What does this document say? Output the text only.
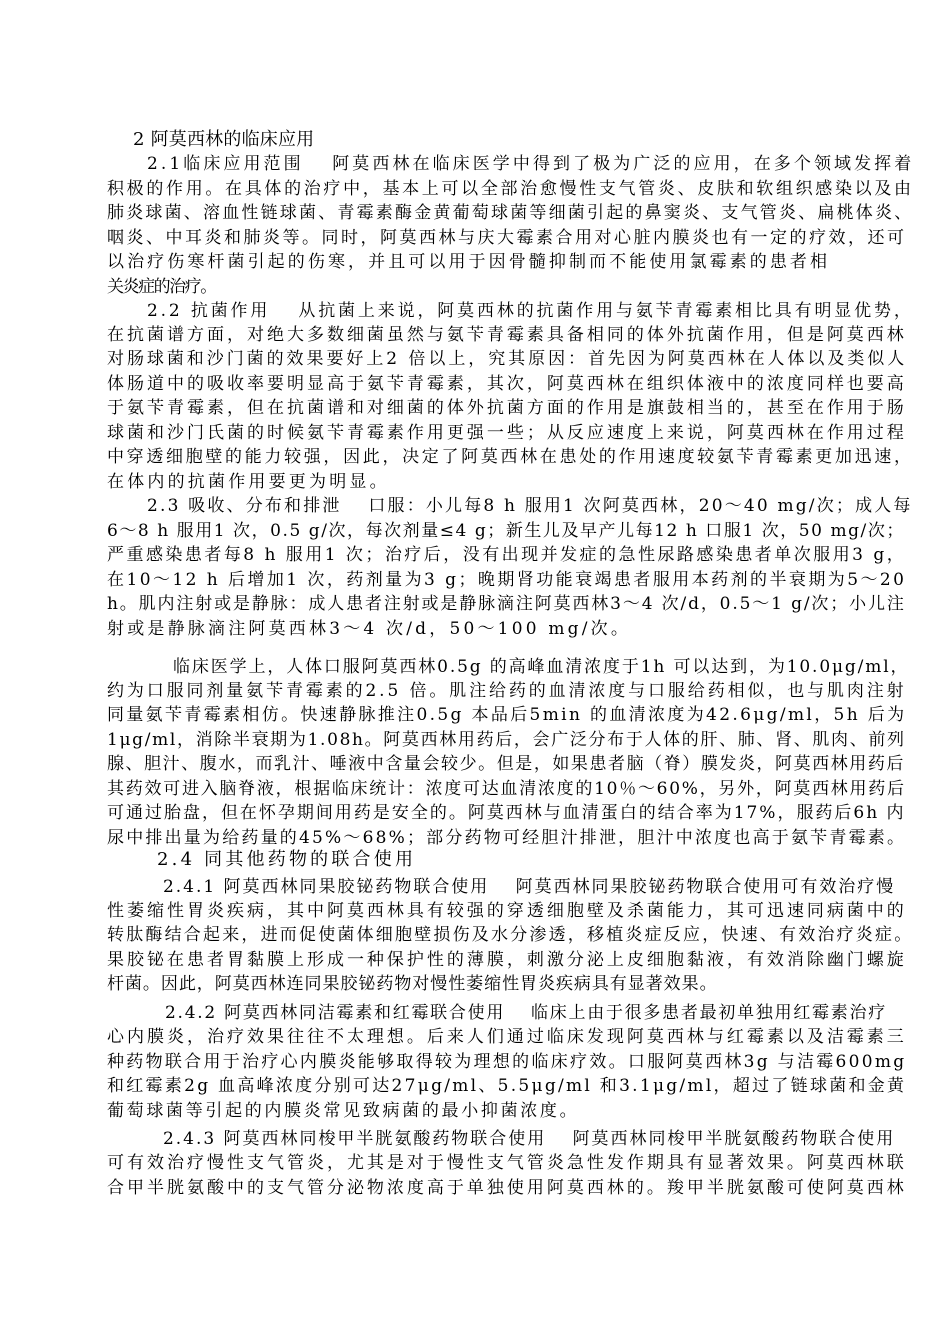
2 阿莫西林的临床应用
2.1临床应用范围　 阿莫西林在临床医学中得到了极为广泛的应用，在多个领域发挥着
积极的作用。在具体的治疗中，基本上可以全部治愈慢性支气管炎、皮肤和软组织感染以及由
肺炎球菌、溶血性链球菌、青霉素酶金黄葡萄球菌等细菌引起的鼻窦炎、支气管炎、扁桃体炎、
咽炎、中耳炎和肺炎等。同时，阿莫西林与庆大霉素合用对心脏内膜炎也有一定的疗效，还可
以治疗伤寒杆菌引起的伤寒，并且可以用于因骨髓抑制而不能使用氯霉素的患者相
关炎症的治疗。
2.2 抗菌作用　 从抗菌上来说，阿莫西林的抗菌作用与氨苄青霉素相比具有明显优势，
在抗菌谱方面，对绝大多数细菌虽然与氨苄青霉素具备相同的体外抗菌作用，但是阿莫西林
对肠球菌和沙门菌的效果要好上2 倍以上，究其原因：首先因为阿莫西林在人体以及类似人
体肠道中的吸收率要明显高于氨苄青霉素，其次，阿莫西林在组织体液中的浓度同样也要高
于氨苄青霉素，但在抗菌谱和对细菌的体外抗菌方面的作用是旗鼓相当的，甚至在作用于肠
球菌和沙门氏菌的时候氨苄青霉素作用更强一些；从反应速度上来说，阿莫西林在作用过程
中穿透细胞壁的能力较强，因此，决定了阿莫西林在患处的作用速度较氨苄青霉素更加迅速，
在体内的抗菌作用要更为明显。
2.3 吸收、分布和排泄　 口服：小儿每8 h 服用1 次阿莫西林，20～40 mg/次；成人每
6～8 h 服用1 次，0.5 g/次，每次剂量≤4 g；新生儿及早产儿每12 h 口服1 次，50 mg/次；
严重感染患者每8 h 服用1 次；治疗后，没有出现并发症的急性尿路感染患者单次服用3 g，
在10～12 h 后增加1 次，药剂量为3 g；晚期肾功能衰竭患者服用本药剂的半衰期为5～20
h。肌内注射或是静脉：成人患者注射或是静脉滴注阿莫西林3～4 次/d，0.5～1 g/次；小儿注
射或是静脉滴注阿莫西林3～4 次/d，50～100 mg/次。
临床医学上，人体口服阿莫西林0.5g 的高峰血清浓度于1h 可以达到，为10.0μg/ml，
约为口服同剂量氨苄青霉素的2.5 倍。肌注给药的血清浓度与口服给药相似，也与肌肉注射
同量氨苄青霉素相仿。快速静脉推注0.5g 本品后5min 的血清浓度为42.6μg/ml，5h 后为
1μg/ml，消除半衰期为1.08h。阿莫西林用药后，会广泛分布于人体的肝、肺、肾、肌肉、前列
腺、胆汁、腹水，而乳汁、唾液中含量会较少。但是，如果患者脑（脊）膜发炎，阿莫西林用药后
其药效可进入脑脊液，根据临床统计：浓度可达血清浓度的10％～60%，另外，阿莫西林用药后
可通过胎盘，但在怀孕期间用药是安全的。阿莫西林与血清蛋白的结合率为17%，服药后6h 内
尿中排出量为给药量的45%～68%；部分药物可经胆汁排泄，胆汁中浓度也高于氨苄青霉素。
2.4 同其他药物的联合使用
2.4.1 阿莫西林同果胶铋药物联合使用　 阿莫西林同果胶铋药物联合使用可有效治疗慢
性萎缩性胃炎疾病，其中阿莫西林具有较强的穿透细胞壁及杀菌能力，其可迅速同病菌中的
转肽酶结合起来，进而促使菌体细胞壁损伤及水分渗透，移植炎症反应，快速、有效治疗炎症。
果胶铋在患者胃黏膜上形成一种保护性的薄膜，刺激分泌上皮细胞黏液，有效消除幽门螺旋
杆菌。因此，阿莫西林连同果胶铋药物对慢性萎缩性胃炎疾病具有显著效果。
2.4.2 阿莫西林同洁霉素和红霉联合使用　 临床上由于很多患者最初单独用红霉素治疗
心内膜炎，治疗效果往往不太理想。后来人们通过临床发现阿莫西林与红霉素以及洁霉素三
种药物联合用于治疗心内膜炎能够取得较为理想的临床疗效。口服阿莫西林3g 与洁霉600mg
和红霉素2g 血高峰浓度分别可达27μg/ml、5.5μg/ml 和3.1μg/ml，超过了链球菌和金黄
葡萄球菌等引起的内膜炎常见致病菌的最小抑菌浓度。
2.4.3 阿莫西林同梭甲半胱氨酸药物联合使用　 阿莫西林同梭甲半胱氨酸药物联合使用
可有效治疗慢性支气管炎，尤其是对于慢性支气管炎急性发作期具有显著效果。阿莫西林联
合甲半胱氨酸中的支气管分泌物浓度高于单独使用阿莫西林的。羧甲半胱氨酸可使阿莫西林
